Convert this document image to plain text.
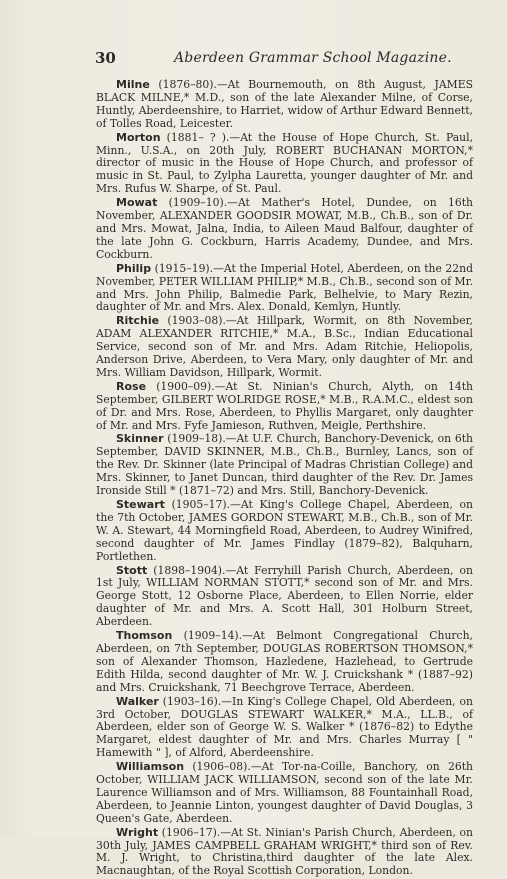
30	Aberdeen Grammar School Magazine.

Milne (1876–80).—At Bournemouth, on 8th August, JAMES BLACK MILNE,* M.D., son of the late Alexander Milne, of Corse, Huntly, Aberdeenshire, to Harriet, widow of Arthur Edward Bennett, of Tolles Road, Leicester.

Morton (1881– ? ).—At the House of Hope Church, St. Paul, Minn., U.S.A., on 20th July, ROBERT BUCHANAN MORTON,* director of music in the House of Hope Church, and professor of music in St. Paul, to Zylpha Lauretta, younger daughter of Mr. and Mrs. Rufus W. Sharpe, of St. Paul.

Mowat (1909–10).—At Mather's Hotel, Dundee, on 16th November, ALEXANDER GOODSIR MOWAT, M.B., Ch.B., son of Dr. and Mrs. Mowat, Jalna, India, to Aileen Maud Balfour, daughter of the late John G. Cockburn, Harris Academy, Dundee, and Mrs. Cockburn.

Philip (1915–19).—At the Imperial Hotel, Aberdeen, on the 22nd November, PETER WILLIAM PHILIP,* M.B., Ch.B., second son of Mr. and Mrs. John Philip, Balmedie Park, Belhelvie, to Mary Rezin, daughter of Mr. and Mrs. Alex. Donald, Kemlyn, Huntly.

Ritchie (1903–08).—At Hillpark, Wormit, on 8th November, ADAM ALEXANDER RITCHIE,* M.A., B.Sc., Indian Educational Service, second son of Mr. and Mrs. Adam Ritchie, Heliopolis, Anderson Drive, Aberdeen, to Vera Mary, only daughter of Mr. and Mrs. William Davidson, Hillpark, Wormit.

Rose (1900–09).—At St. Ninian's Church, Alyth, on 14th September, GILBERT WOLRIDGE ROSE,* M.B., R.A.M.C., eldest son of Dr. and Mrs. Rose, Aberdeen, to Phyllis Margaret, only daughter of Mr. and Mrs. Fyfe Jamieson, Ruthven, Meigle, Perthshire.

Skinner (1909–18).—At U.F. Church, Banchory-Devenick, on 6th September, DAVID SKINNER, M.B., Ch.B., Burnley, Lancs, son of the Rev. Dr. Skinner (late Principal of Madras Christian College) and Mrs. Skinner, to Janet Duncan, third daughter of the Rev. Dr. James Ironside Still * (1871–72) and Mrs. Still, Banchory-Devenick.

Stewart (1905–17).—At King's College Chapel, Aberdeen, on the 7th October, JAMES GORDON STEWART, M.B., Ch.B., son of Mr. W. A. Stewart, 44 Morningfield Road, Aberdeen, to Audrey Winifred, second daughter of Mr. James Findlay (1879–82), Balquharn, Portlethen.

Stott (1898–1904).—At Ferryhill Parish Church, Aberdeen, on 1st July, WILLIAM NORMAN STOTT,* second son of Mr. and Mrs. George Stott, 12 Osborne Place, Aberdeen, to Ellen Norrie, elder daughter of Mr. and Mrs. A. Scott Hall, 301 Holburn Street, Aberdeen.

Thomson (1909–14).—At Belmont Congregational Church, Aberdeen, on 7th September, DOUGLAS ROBERTSON THOMSON,* son of Alexander Thomson, Hazledene, Hazlehead, to Gertrude Edith Hilda, second daughter of Mr. W. J. Cruickshank * (1887–92) and Mrs. Cruickshank, 71 Beechgrove Terrace, Aberdeen.

Walker (1903–16).—In King's College Chapel, Old Aberdeen, on 3rd October, DOUGLAS STEWART WALKER,* M.A., LL.B., of Aberdeen, elder son of George W. S. Walker * (1876–82) to Edythe Margaret, eldest daughter of Mr. and Mrs. Charles Murray [ " Hamewith " ], of Alford, Aberdeenshire.

Williamson (1906–08).—At Tor-na-Coille, Banchory, on 26th October, WILLIAM JACK WILLIAMSON, second son of the late Mr. Laurence Williamson and of Mrs. Williamson, 88 Fountainhall Road, Aberdeen, to Jeannie Linton, youngest daughter of David Douglas, 3 Queen's Gate, Aberdeen.

Wright (1906–17).—At St. Ninian's Parish Church, Aberdeen, on 30th July, JAMES CAMPBELL GRAHAM WRIGHT,* third son of Rev. M. J. Wright, to Christina,third daughter of the late Alex. Macnaughtan, of the Royal Scottish Corporation, London.
